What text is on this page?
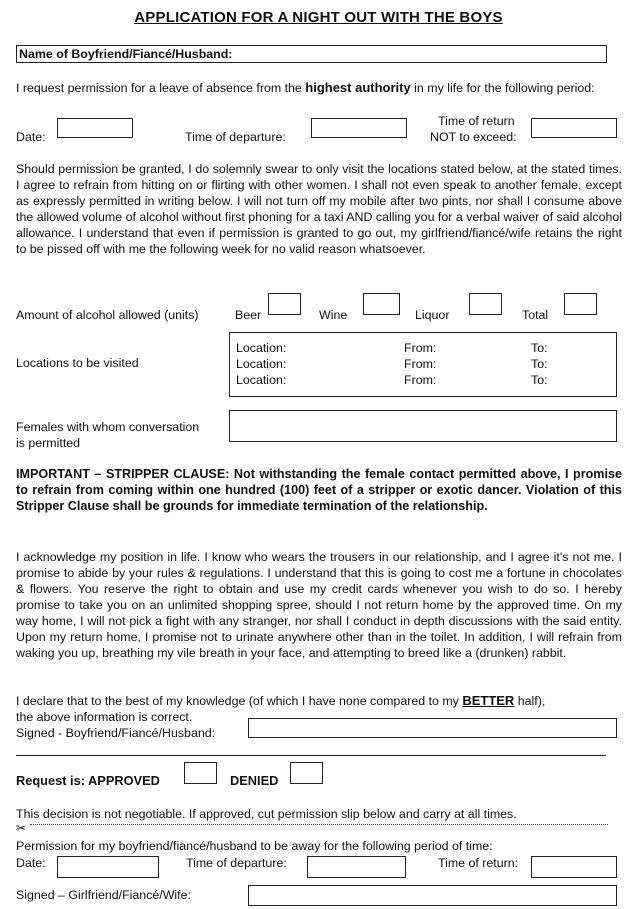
APPLICATION FOR A NIGHT OUT WITH THE BOYS
Name of Boyfriend/Fiancé/Husband:
I request permission for a leave of absence from the highest authority in my life for the following period:
Date:	Time of departure:
Time of return
NOT to exceed:
Should permission be granted, I do solemnly swear to only visit the locations stated below, at the stated times. I agree to refrain from hitting on or flirting with other women. I shall not even speak to another female, except as expressly permitted in writing below. I will not turn off my mobile after two pints, nor shall I consume above the allowed volume of alcohol without first phoning for a taxi AND calling you for a verbal waiver of said alcohol allowance. I understand that even if permission is granted to go out, my girlfriend/fiancé/wife retains the right to be pissed off with me the following week for no valid reason whatsoever.
Amount of alcohol allowed (units)	Beer	Wine	Liquor	Total
Locations to be visited
Location:	From:	To:
Location:	From:	To:
Location:	From:	To:
Females with whom conversation
is permitted
IMPORTANT – STRIPPER CLAUSE: Not withstanding the female contact permitted above, I promise to refrain from coming within one hundred (100) feet of a stripper or exotic dancer. Violation of this Stripper Clause shall be grounds for immediate termination of the relationship.
I acknowledge my position in life. I know who wears the trousers in our relationship, and I agree it's not me. I promise to abide by your rules & regulations. I understand that this is going to cost me a fortune in chocolates & flowers. You reserve the right to obtain and use my credit cards whenever you wish to do so. I hereby promise to take you on an unlimited shopping spree, should I not return home by the approved time. On my way home, I will not pick a fight with any stranger, nor shall I conduct in depth discussions with the said entity. Upon my return home, I promise not to urinate anywhere other than in the toilet. In addition, I will refrain from waking you up, breathing my vile breath in your face, and attempting to breed like a (drunken) rabbit.
I declare that to the best of my knowledge (of which I have none compared to my BETTER half),
the above information is correct.
Signed - Boyfriend/Fiancé/Husband:
Request is: APPROVED	DENIED
This decision is not negotiable. If approved, cut permission slip below and carry at all times.
✂
Permission for my boyfriend/fiancé/husband to be away for the following period of time:
Date:	Time of departure:	Time of return:
Signed – Girlfriend/Fiancé/Wife:
